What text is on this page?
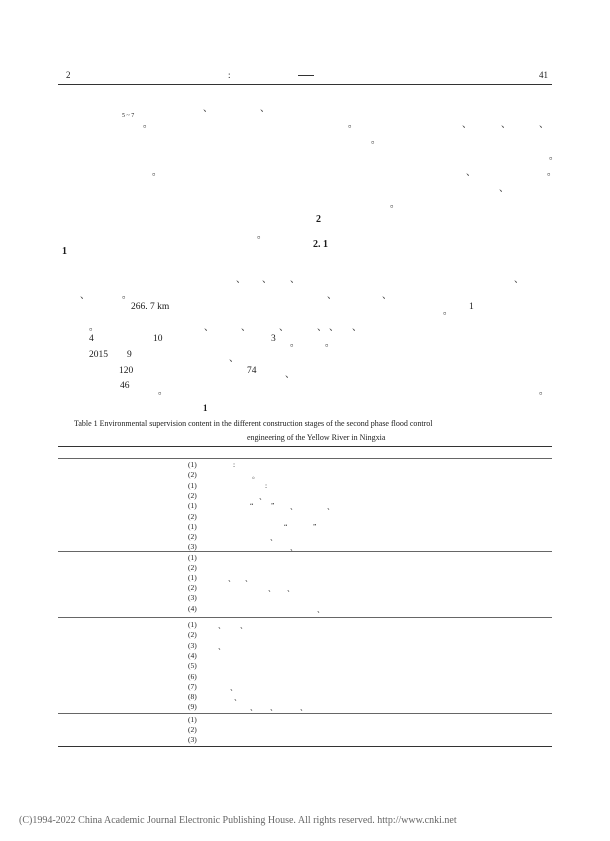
2	:	41
、	、
5 ~ 7
。	。	、	、	、
。
。
。	、	。
、
。
。
2
2. 1
1
、 、 、	、
、	。	、	、
266. 7 km	。 1
。	、	、	、	、 、 、
4	10	3 。	。
2015 9	、
120	74	、
46
。	。
1
Table 1 Environmental supervision content in the different construction stages of the second phase flood control
engineering of the Yellow River in Ningxia
(1)	:
(2)	。
(1)	:
(2)	、
(1)	“ ” 、	、
(2)
(1)	“	”
(2)	、
(3)	、
(1)
(2)
(1)	、 、
(2)	、 、
(3)
(4)	、
(1)	、 、
(2)
(3)	、
(4)
(5)
(6)
(7)	、
(8)	、
(9)	、 、	、
(1)
(2)
(3)
(C)1994-2022 China Academic Journal Electronic Publishing House. All rights reserved. http://www.cnki.net
